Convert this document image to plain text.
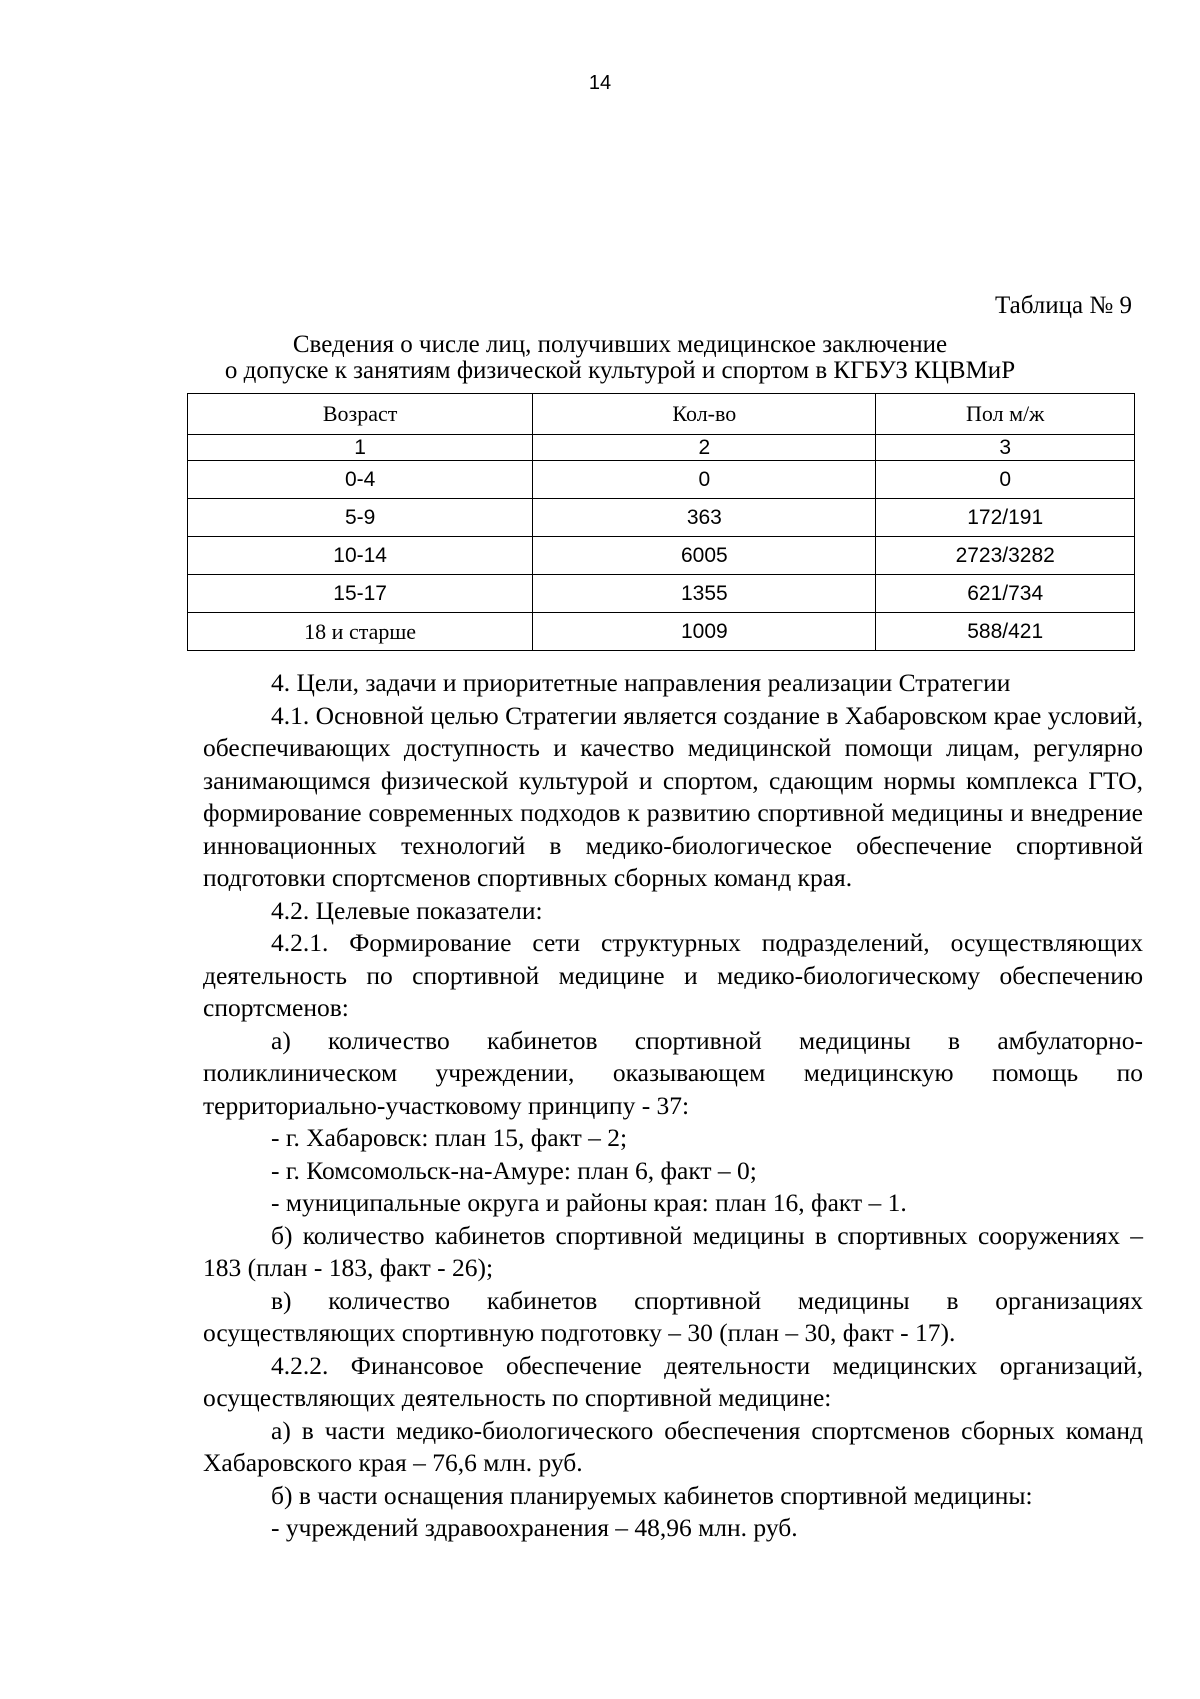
14
Таблица № 9
Сведения о числе лиц, получивших медицинское заключение
о допуске к занятиям физической культурой и спортом в КГБУЗ КЦВМиР
Возраст	Кол-во	Пол м/ж
1	2	3
0-4	0	0
5-9	363	172/191
10-14	6005	2723/3282
15-17	1355	621/734
18 и старше	1009	588/421

4. Цели, задачи и приоритетные направления реализации Стратегии

4.1. Основной целью Стратегии является создание в Хабаровском крае условий, обеспечивающих доступность и качество медицинской помощи лицам, регулярно занимающимся физической культурой и спортом, сдающим нормы комплекса ГТО, формирование современных подходов к развитию спортивной медицины и внедрение инновационных технологий в медико-биологическое обеспечение спортивной подготовки спортсменов спортивных сборных команд края.

4.2. Целевые показатели:

4.2.1. Формирование сети структурных подразделений, осуществляющих деятельность по спортивной медицине и медико-биологическому обеспечению спортсменов:

а) количество кабинетов спортивной медицины в амбулаторно-поликлиническом учреждении, оказывающем медицинскую помощь по территориально-участковому принципу - 37:

- г. Хабаровск: план 15, факт – 2;

- г. Комсомольск-на-Амуре: план 6, факт – 0;

- муниципальные округа и районы края: план 16, факт – 1.

б) количество кабинетов спортивной медицины в спортивных сооружениях – 183 (план - 183, факт - 26);

в) количество кабинетов спортивной медицины в организациях осуществляющих спортивную подготовку – 30 (план – 30, факт - 17).

4.2.2. Финансовое обеспечение деятельности медицинских организаций, осуществляющих деятельность по спортивной медицине:

а) в части медико-биологического обеспечения спортсменов сборных команд Хабаровского края – 76,6 млн. руб.

б) в части оснащения планируемых кабинетов спортивной медицины:

- учреждений здравоохранения – 48,96 млн. руб.
